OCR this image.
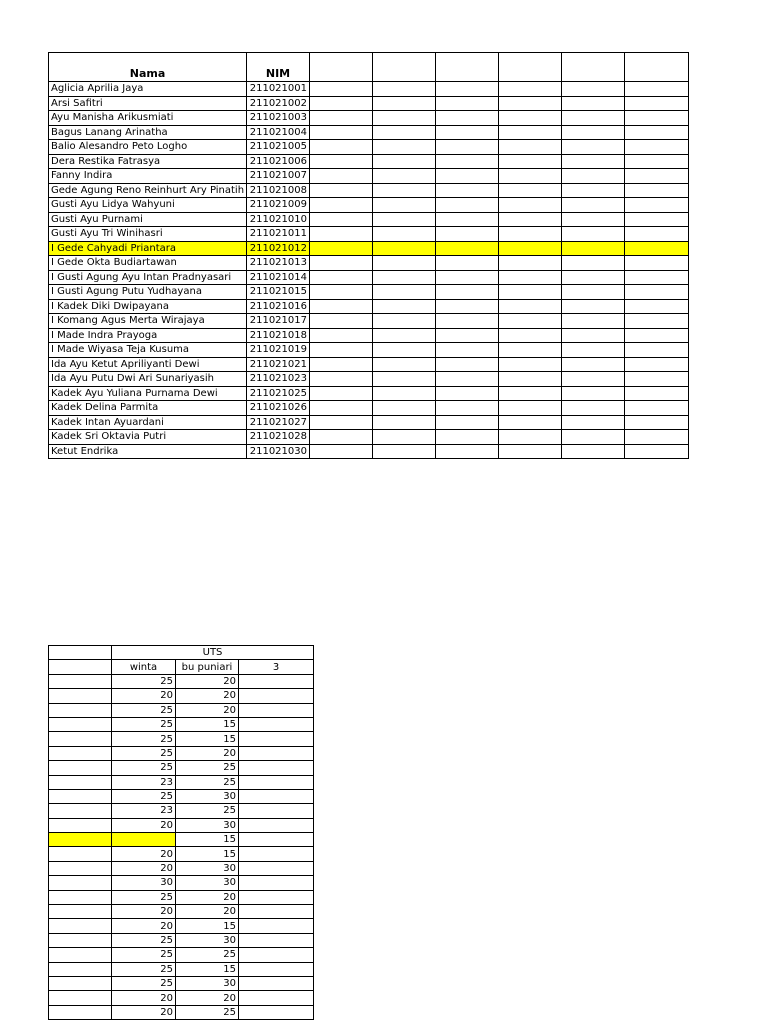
Nama	NIM						
Aglicia Aprilia Jaya	211021001						
Arsi Safitri	211021002						
Ayu Manisha Arikusmiati	211021003						
Bagus Lanang Arinatha	211021004						
Balio Alesandro Peto Logho	211021005						
Dera Restika Fatrasya	211021006						
Fanny Indira	211021007						
Gede Agung Reno Reinhurt Ary Pinatih	211021008						
Gusti Ayu Lidya Wahyuni	211021009						
Gusti Ayu Purnami	211021010						
Gusti Ayu Tri Winihasri	211021011						
I Gede Cahyadi Priantara	211021012						
I Gede Okta Budiartawan	211021013						
I Gusti Agung Ayu Intan Pradnyasari	211021014						
I Gusti Agung Putu Yudhayana	211021015						
I Kadek Diki Dwipayana	211021016						
I Komang Agus Merta Wirajaya	211021017						
I Made Indra Prayoga	211021018						
I Made Wiyasa Teja Kusuma	211021019						
Ida Ayu Ketut Apriliyanti Dewi	211021021						
Ida Ayu Putu Dwi Ari Sunariyasih	211021023						
Kadek Ayu Yuliana Purnama Dewi	211021025						
Kadek Delina Parmita	211021026						
Kadek Intan Ayuardani	211021027						
Kadek Sri Oktavia Putri	211021028						
Ketut Endrika	211021030						
	UTS		
	winta	bu puniari	3
	25	20	
	20	20	
	25	20	
	25	15	
	25	15	
	25	20	
	25	25	
	23	25	
	25	30	
	23	25	
	20	30	
		15	
	20	15	
	20	30	
	30	30	
	25	20	
	20	20	
	20	15	
	25	30	
	25	25	
	25	15	
	25	30	
	20	20	
	20	25	
